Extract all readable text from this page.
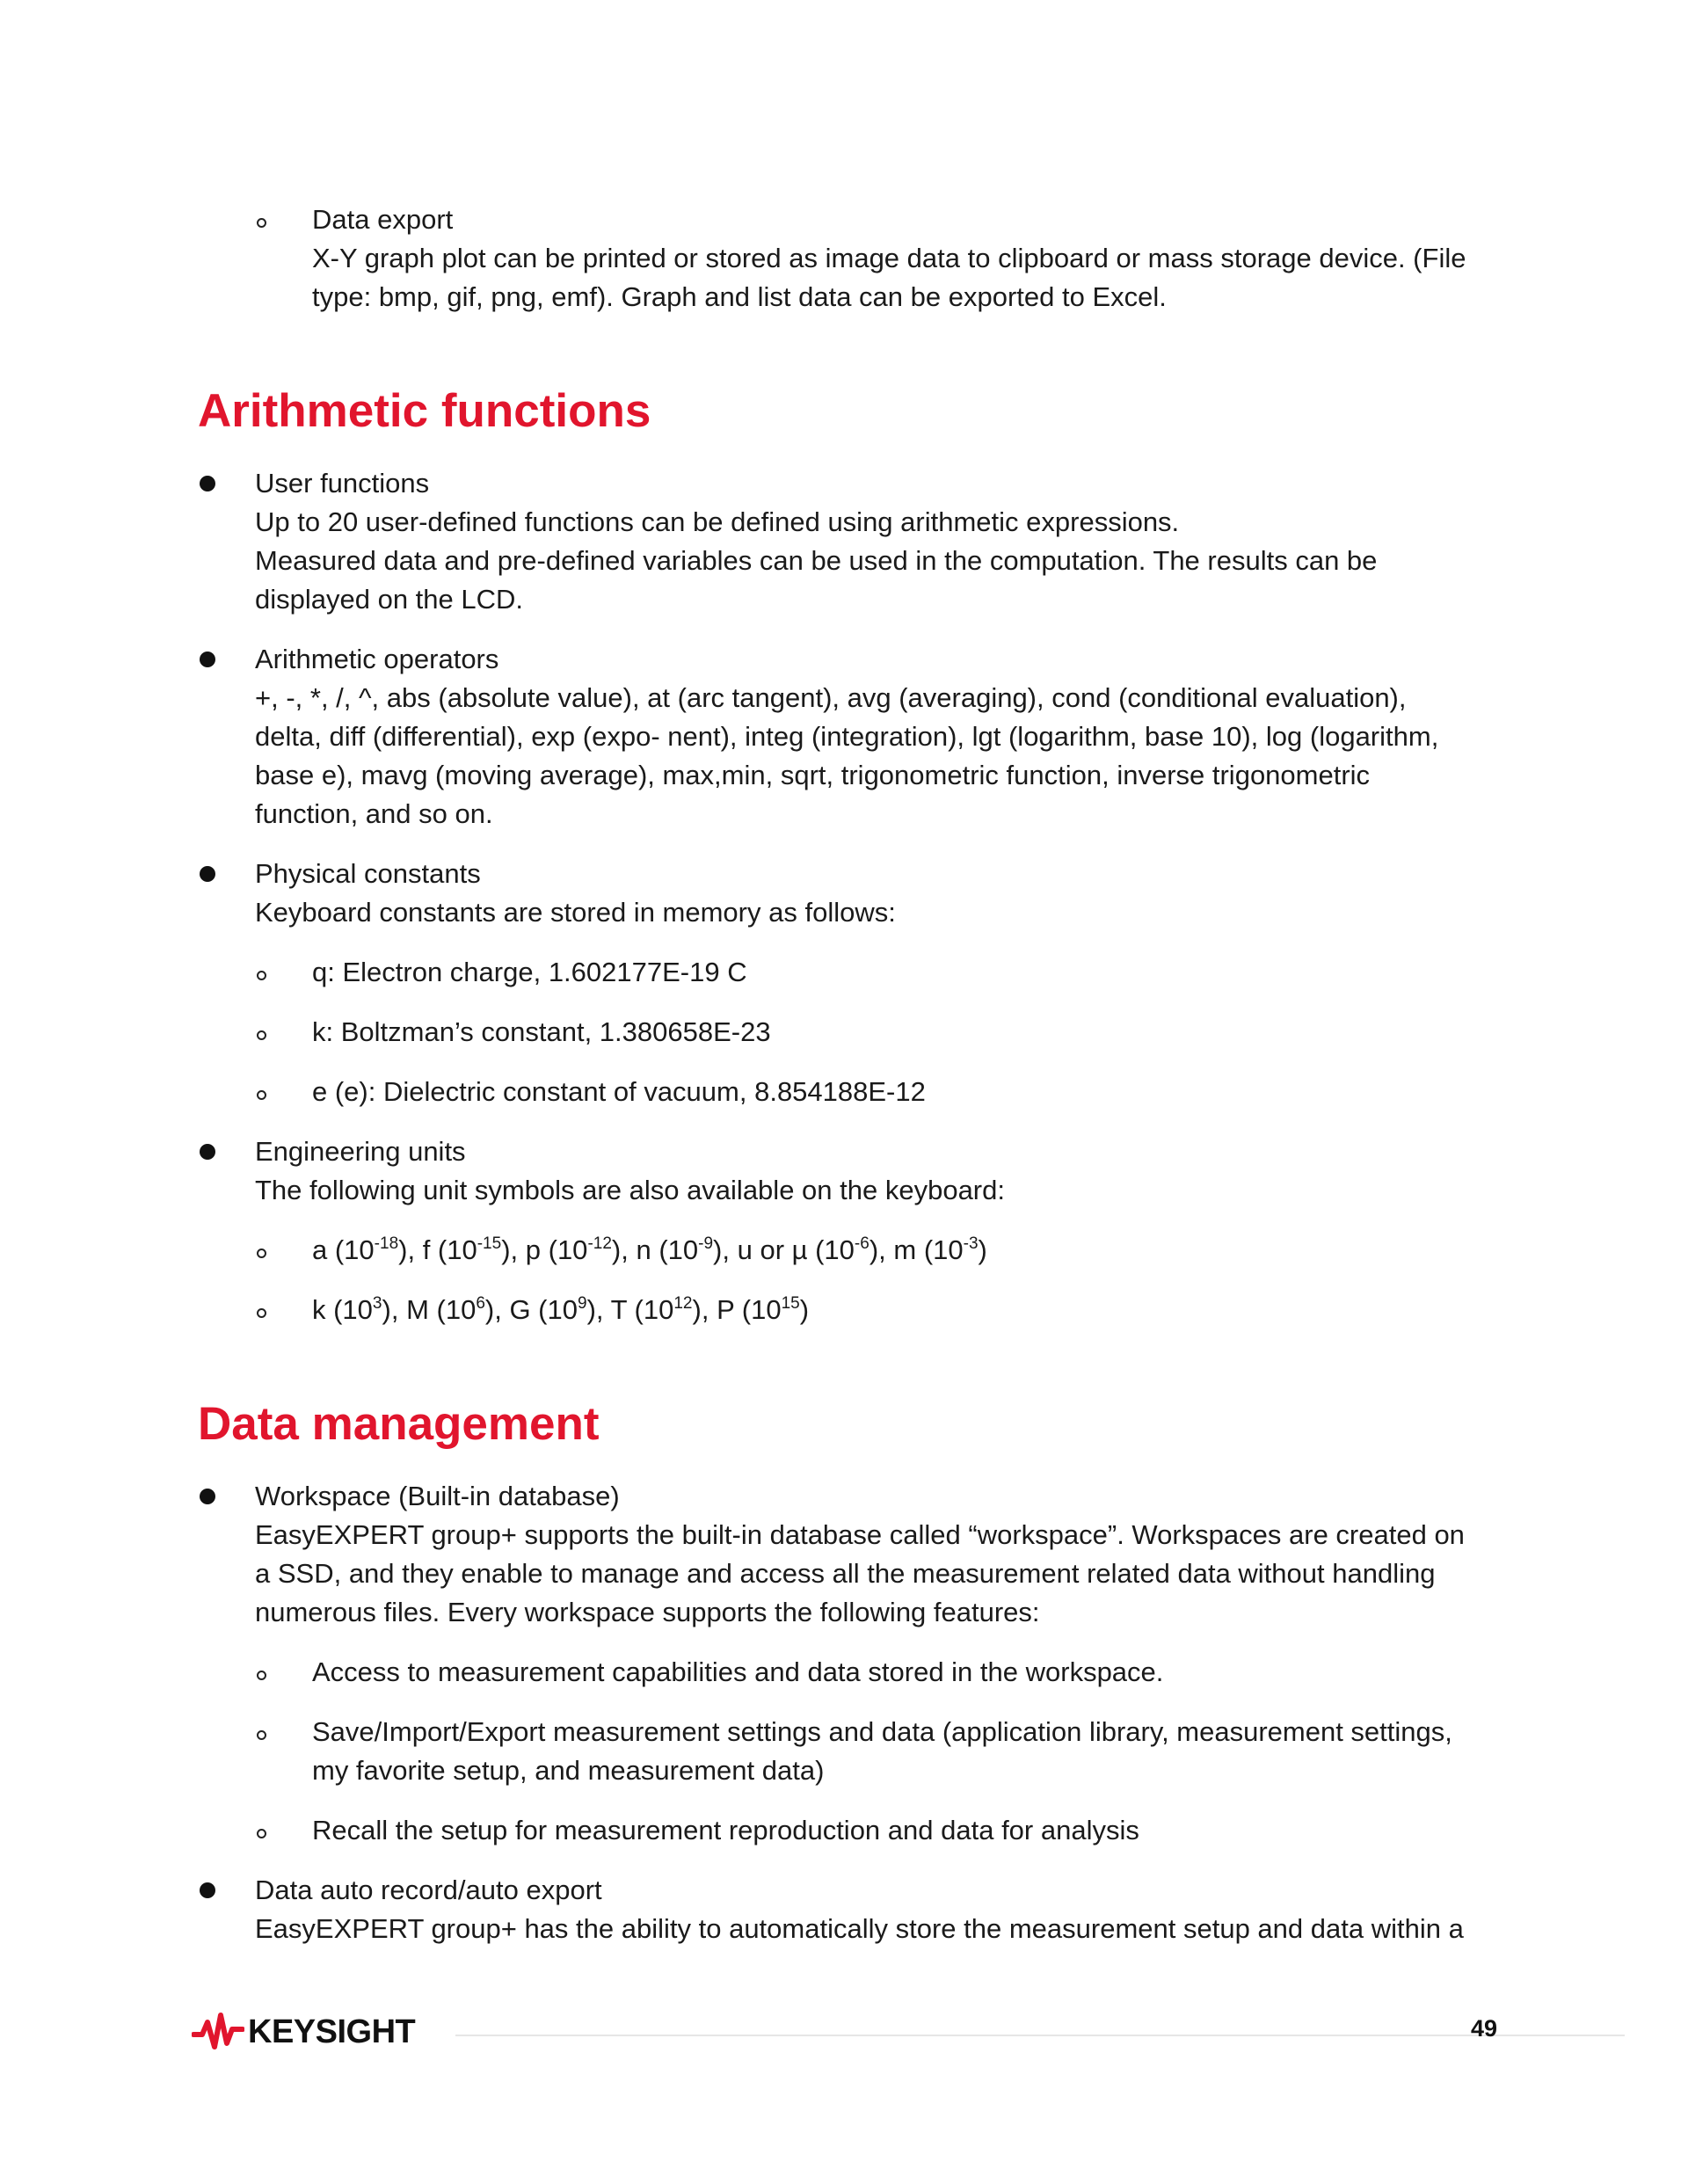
Data export
X-Y graph plot can be printed or stored as image data to clipboard or mass storage device. (File
type: bmp, gif, png, emf). Graph and list data can be exported to Excel.
Arithmetic functions
User functions
Up to 20 user-defined functions can be defined using arithmetic expressions.
Measured data and pre-defined variables can be used in the computation. The results can be
displayed on the LCD.
Arithmetic operators
+, -, *, /, ^, abs (absolute value), at (arc tangent), avg (averaging), cond (conditional evaluation),
delta, diff (differential), exp (expo- nent), integ (integration), lgt (logarithm, base 10), log (logarithm,
base e), mavg (moving average), max,min, sqrt, trigonometric function, inverse trigonometric
function, and so on.
Physical constants
Keyboard constants are stored in memory as follows:
q: Electron charge, 1.602177E-19 C
k: Boltzman’s constant, 1.380658E-23
e (e): Dielectric constant of vacuum, 8.854188E-12
Engineering units
The following unit symbols are also available on the keyboard:
a $(10^{-18})$, f $(10^{-15})$, p $(10^{-12})$, n $(10^{-9})$, u or µ $(10^{-6})$, m $(10^{-3})$
k $(10^3)$, M $(10^6)$, G $(10^9)$, T $(10^{12})$, P $(10^{15})$
Data management
Workspace (Built-in database)
EasyEXPERT group+ supports the built-in database called “workspace”. Workspaces are created on
a SSD, and they enable to manage and access all the measurement related data without handling
numerous files. Every workspace supports the following features:
Access to measurement capabilities and data stored in the workspace.
Save/Import/Export measurement settings and data (application library, measurement settings,
my favorite setup, and measurement data)
Recall the setup for measurement reproduction and data for analysis
Data auto record/auto export
EasyEXPERT group+ has the ability to automatically store the measurement setup and data within a
KEYSIGHT	49
